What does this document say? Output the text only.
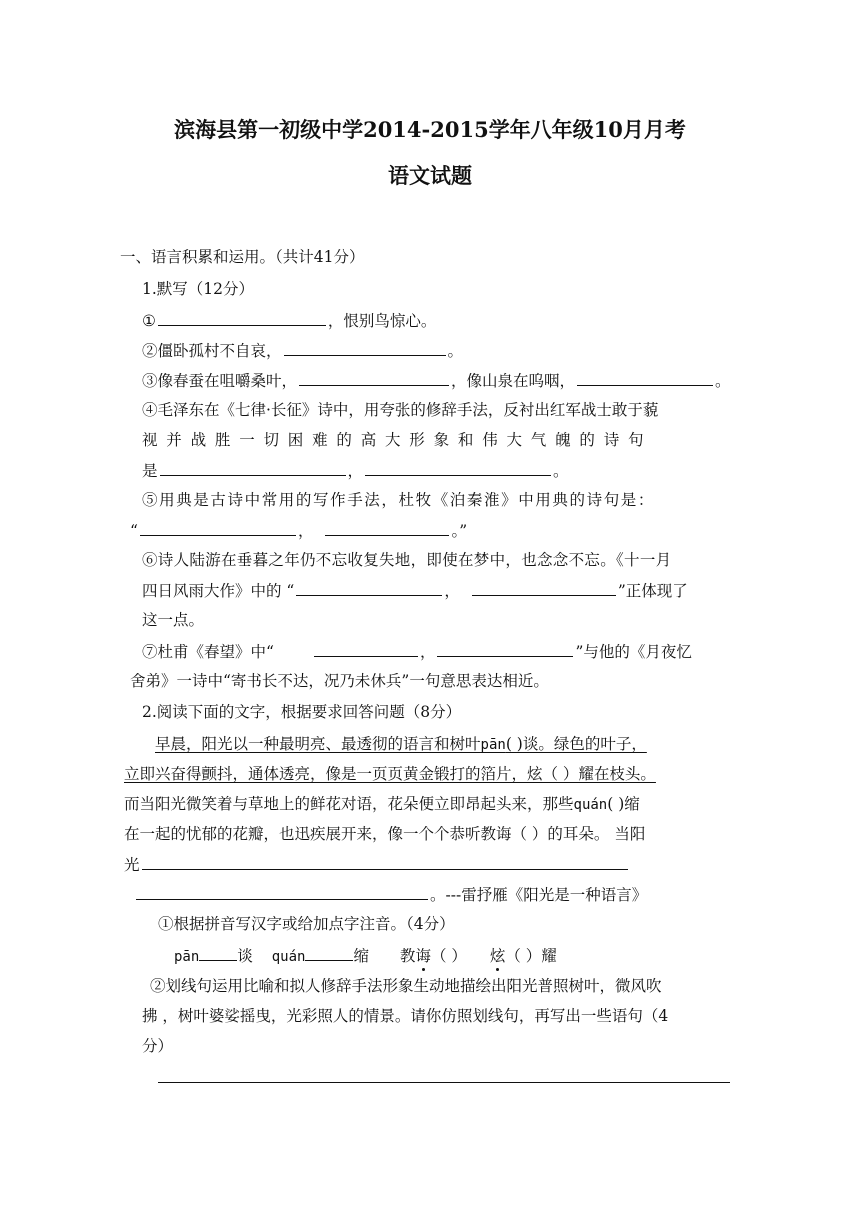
滨海县第一初级中学2014-2015学年八年级10月月考
语文试题
一、语言积累和运用。（共计41分）
1.默写（12分）
①	，恨别鸟惊心。
②僵卧孤村不自哀，	。
③像春蚕在咀嚼桑叶，	，像山泉在呜咽，	。
④毛泽东在《七律·长征》诗中，用夸张的修辞手法，反衬出红军战士敢于藐
视并战胜一切困难的高大形象和伟大气魄的诗句
是	，	。
⑤用典是古诗中常用的写作手法，杜牧《泊秦淮》中用典的诗句是：
“	，	。”
⑥诗人陆游在垂暮之年仍不忘收复失地，即使在梦中，也念念不忘。《十一月
四日风雨大作》中的 “	，	”正体现了
这一点。
⑦杜甫《春望》中“	，	”与他的《月夜忆
舍弟》一诗中“寄书长不达，况乃未休兵”一句意思表达相近。
2.阅读下面的文字，根据要求回答问题（8分）
早晨，阳光以一种最明亮、最透彻的语言和树叶pān( )谈。绿色的叶子，
立即兴奋得颤抖，通体透亮，像是一页页黄金锻打的箔片，炫（ ）耀在枝头。
而当阳光微笑着与草地上的鲜花对语，花朵便立即昂起头来，那些quán( )缩
在一起的忧郁的花瓣，也迅疾展开来，像一个个恭听教诲（ ）的耳朵。 当阳
光
。---雷抒雁《阳光是一种语言》
①根据拼音写汉字或给加点字注音。（4分）
pān 谈 quán	缩 教诲（ ） 炫（ ）耀
②划线句运用比喻和拟人修辞手法形象生动地描绘出阳光普照树叶，微风吹
拂 ，树叶婆娑摇曳，光彩照人的情景。请你仿照划线句，再写出一些语句（4
分）
